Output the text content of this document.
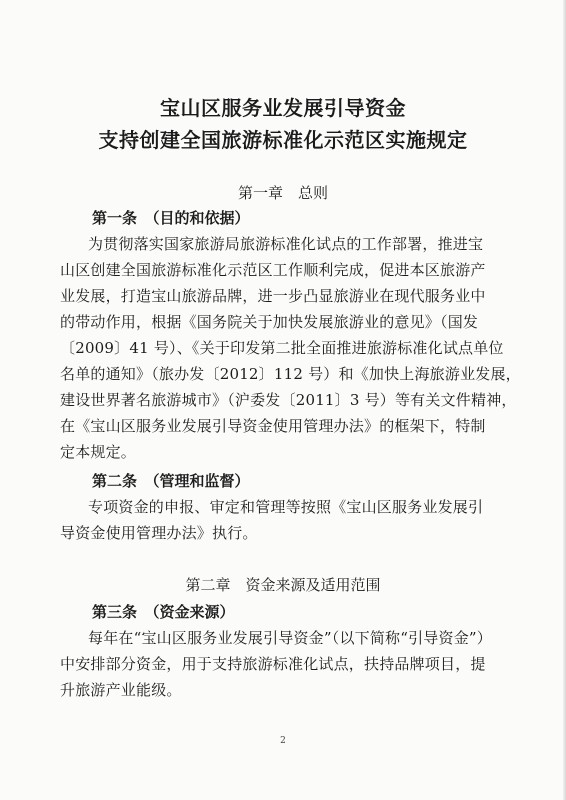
宝山区服务业发展引导资金
支持创建全国旅游标准化示范区实施规定
第一章　总则
第一条　（目的和依据）
为贯彻落实国家旅游局旅游标准化试点的工作部署，推进宝
山区创建全国旅游标准化示范区工作顺利完成，促进本区旅游产
业发展，打造宝山旅游品牌，进一步凸显旅游业在现代服务业中
的带动作用，根据《国务院关于加快发展旅游业的意见》（国发
〔2009〕41 号）、《关于印发第二批全面推进旅游标准化试点单位
名单的通知》（旅办发〔2012〕112 号）和《加快上海旅游业发展，
建设世界著名旅游城市》（沪委发〔2011〕3 号）等有关文件精神，
在《宝山区服务业发展引导资金使用管理办法》的框架下，特制
定本规定。
第二条　（管理和监督）
专项资金的申报、审定和管理等按照《宝山区服务业发展引
导资金使用管理办法》执行。
第二章　资金来源及适用范围
第三条　（资金来源）
每年在“宝山区服务业发展引导资金”（以下简称“引导资金”）
中安排部分资金，用于支持旅游标准化试点，扶持品牌项目，提
升旅游产业能级。
2
